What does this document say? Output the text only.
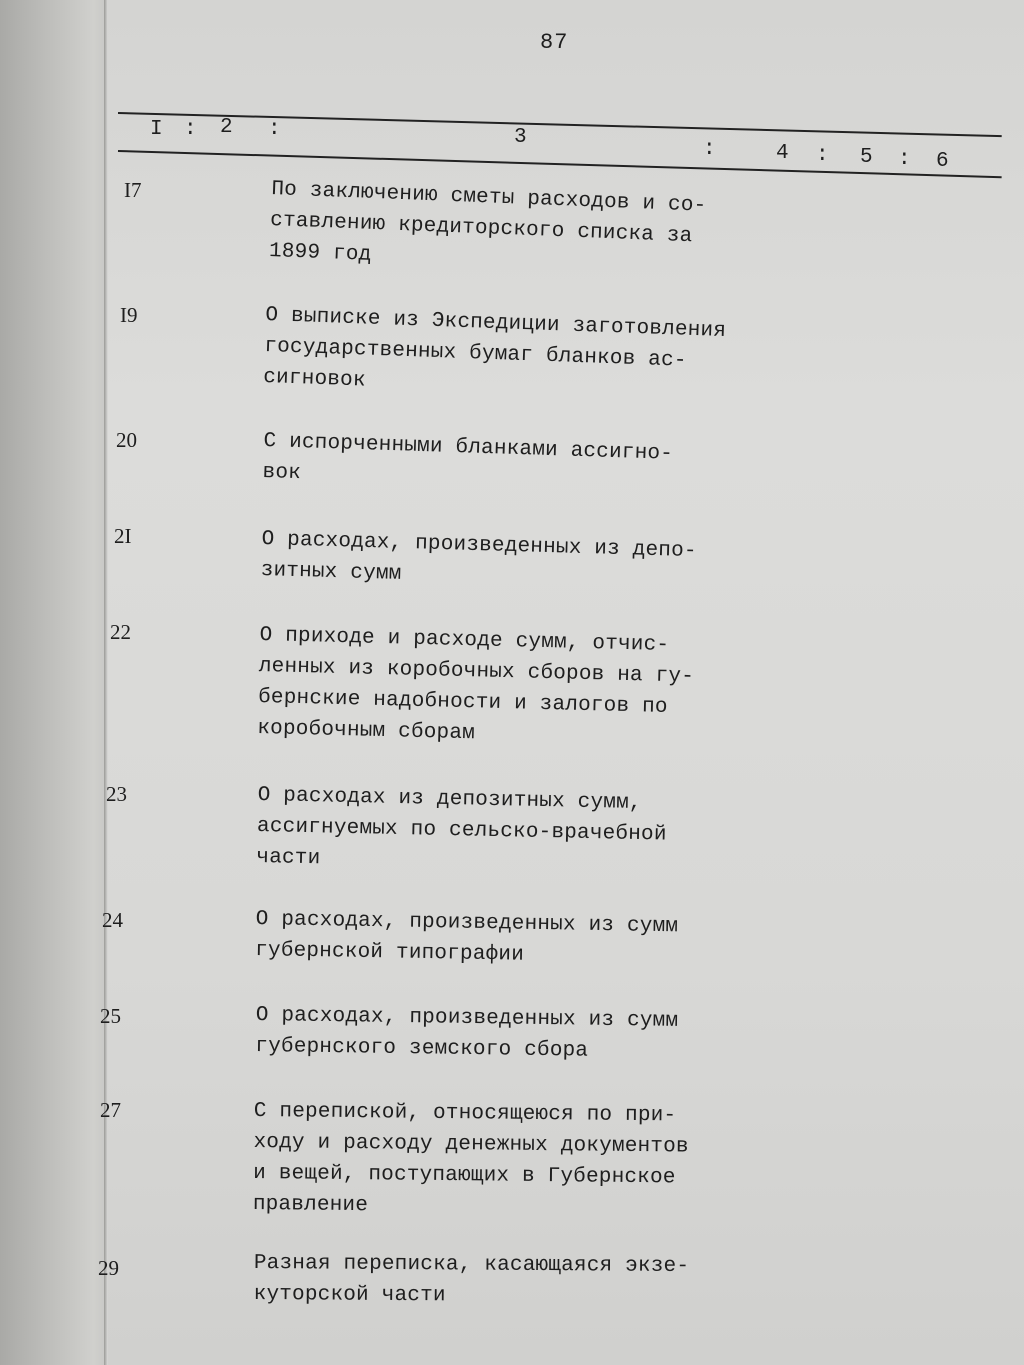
87
I : 2 :	3
:	4 : 5 : 6
I7	По заключению сметы расходов и со-
ставлению кредиторского списка за
1899 год
I9	О выписке из Экспедиции заготовления
государственных бумаг бланков ас-
сигновок
20	С испорченными бланками ассигно-
вок
2I	О расходах, произведенных из депо-
зитных сумм
22	О приходе и расходе сумм, отчис-
ленных из коробочных сборов на гу-
бернские надобности и залогов по
коробочным сборам
23	О расходах из депозитных сумм,
ассигнуемых по сельско-врачебной
части
24	О расходах, произведенных из сумм
губернской типографии
25	О расходах, произведенных из сумм
губернского земского сбора
27	С перепиской, относящеюся по при-
ходу и расходу денежных документов
и вещей, поступающих в Губернское
правление
29	Разная переписка, касающаяся экзе-
куторской части
